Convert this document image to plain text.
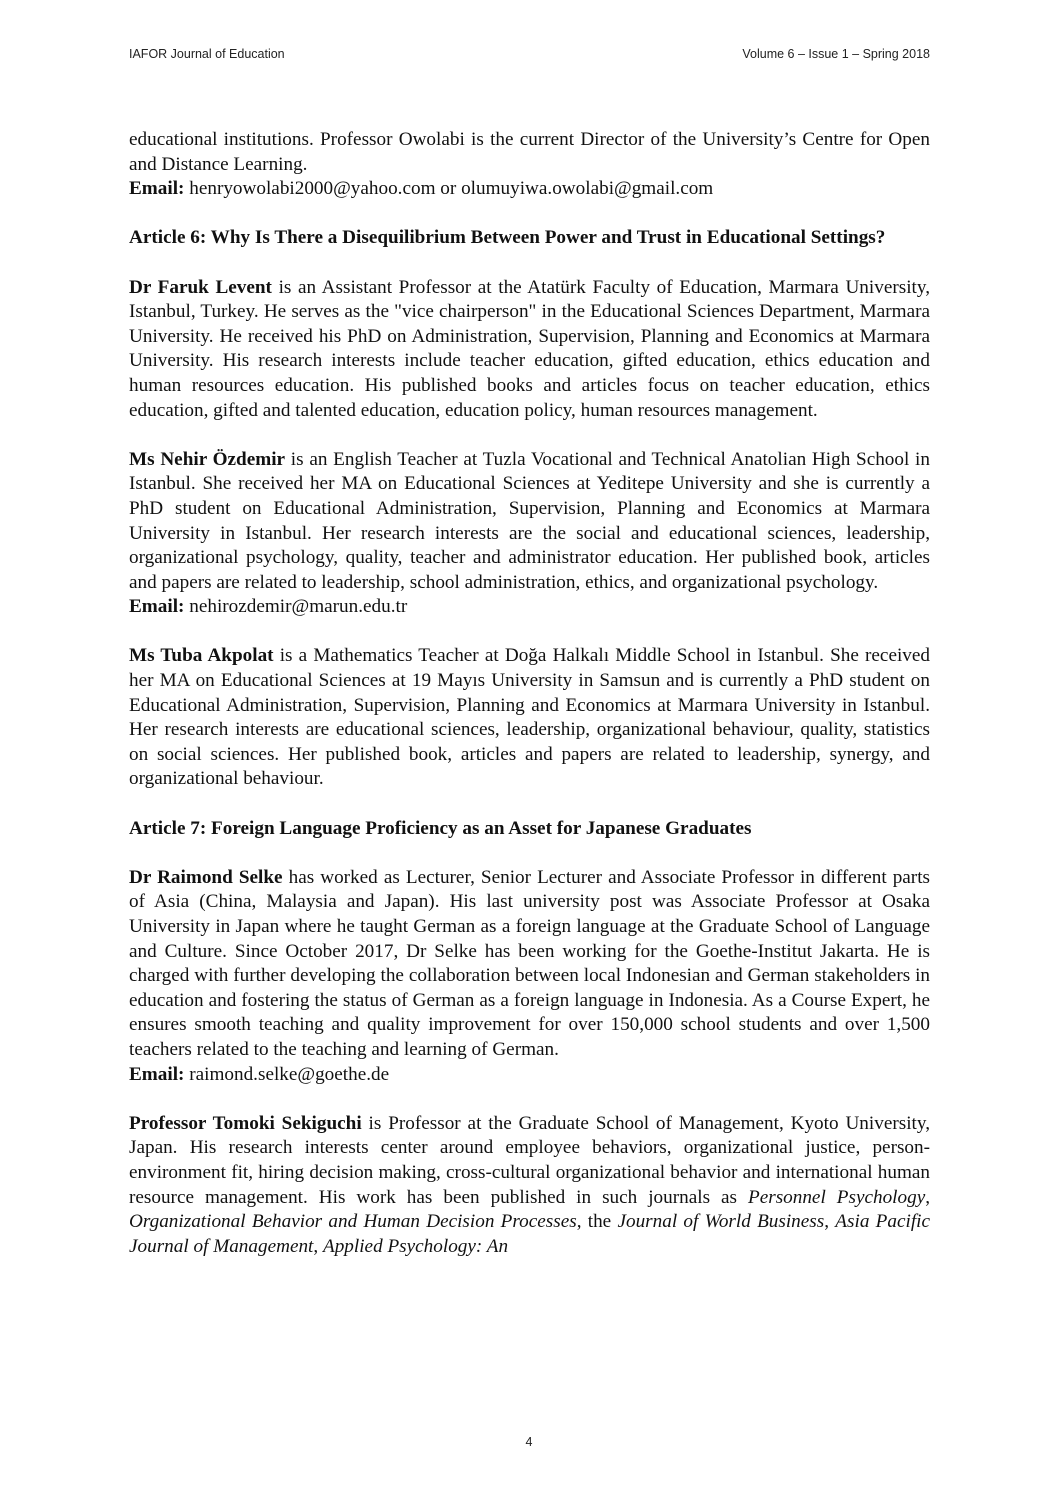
IAFOR Journal of Education	Volume 6 – Issue 1 – Spring 2018

educational institutions. Professor Owolabi is the current Director of the University’s Centre for Open and Distance Learning.

Email: henryowolabi2000@yahoo.com or olumuyiwa.owolabi@gmail.com

Article 6: Why Is There a Disequilibrium Between Power and Trust in Educational Settings?

Dr Faruk Levent is an Assistant Professor at the Atatürk Faculty of Education, Marmara University, Istanbul, Turkey. He serves as the "vice chairperson" in the Educational Sciences Department, Marmara University. He received his PhD on Administration, Supervision, Planning and Economics at Marmara University. His research interests include teacher education, gifted education, ethics education and human resources education. His published books and articles focus on teacher education, ethics education, gifted and talented education, education policy, human resources management.

Ms Nehir Özdemir is an English Teacher at Tuzla Vocational and Technical Anatolian High School in Istanbul. She received her MA on Educational Sciences at Yeditepe University and she is currently a PhD student on Educational Administration, Supervision, Planning and Economics at Marmara University in Istanbul. Her research interests are the social and educational sciences, leadership, organizational psychology, quality, teacher and administrator education. Her published book, articles and papers are related to leadership, school administration, ethics, and organizational psychology.

Email: nehirozdemir@marun.edu.tr

Ms Tuba Akpolat is a Mathematics Teacher at Doğa Halkalı Middle School in Istanbul. She received her MA on Educational Sciences at 19 Mayıs University in Samsun and is currently a PhD student on Educational Administration, Supervision, Planning and Economics at Marmara University in Istanbul. Her research interests are educational sciences, leadership, organizational behaviour, quality, statistics on social sciences. Her published book, articles and papers are related to leadership, synergy, and organizational behaviour.

Article 7: Foreign Language Proficiency as an Asset for Japanese Graduates

Dr Raimond Selke has worked as Lecturer, Senior Lecturer and Associate Professor in different parts of Asia (China, Malaysia and Japan). His last university post was Associate Professor at Osaka University in Japan where he taught German as a foreign language at the Graduate School of Language and Culture. Since October 2017, Dr Selke has been working for the Goethe-Institut Jakarta. He is charged with further developing the collaboration between local Indonesian and German stakeholders in education and fostering the status of German as a foreign language in Indonesia. As a Course Expert, he ensures smooth teaching and quality improvement for over 150,000 school students and over 1,500 teachers related to the teaching and learning of German.

Email: raimond.selke@goethe.de

Professor Tomoki Sekiguchi is Professor at the Graduate School of Management, Kyoto University, Japan. His research interests center around employee behaviors, organizational justice, person-environment fit, hiring decision making, cross-cultural organizational behavior and international human resource management. His work has been published in such journals as Personnel Psychology, Organizational Behavior and Human Decision Processes, the Journal of World Business, Asia Pacific Journal of Management, Applied Psychology: An

4
